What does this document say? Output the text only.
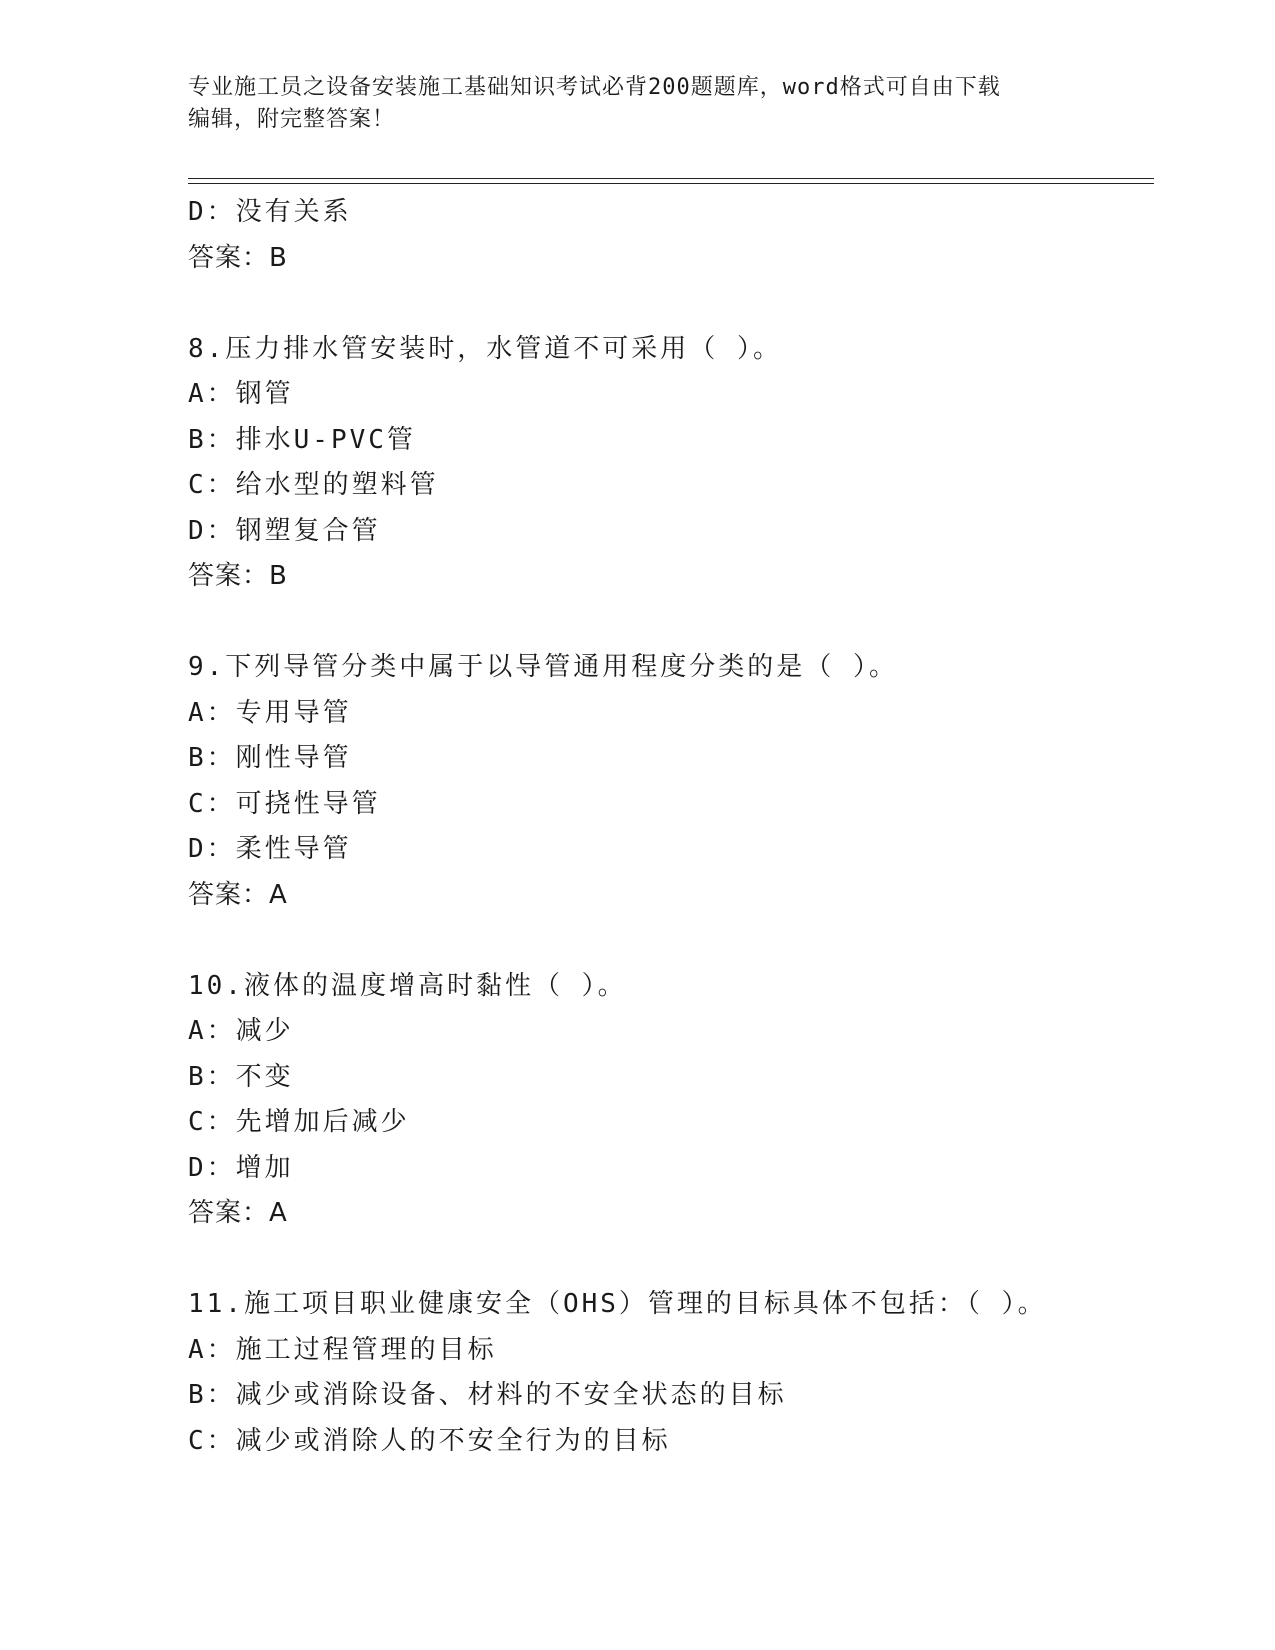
专业施工员之设备安装施工基础知识考试必背200题题库，word格式可自由下载
编辑，附完整答案！
D：没有关系
答案：B
8.压力排水管安装时，水管道不可采用（ ）。
A：钢管
B：排水U-PVC管
C：给水型的塑料管
D：钢塑复合管
答案：B
9.下列导管分类中属于以导管通用程度分类的是（ ）。
A：专用导管
B：刚性导管
C：可挠性导管
D：柔性导管
答案：A
10.液体的温度增高时黏性（ ）。
A：减少
B：不变
C：先增加后减少
D：增加
答案：A
11.施工项目职业健康安全（OHS）管理的目标具体不包括：（ ）。
A：施工过程管理的目标
B：减少或消除设备、材料的不安全状态的目标
C：减少或消除人的不安全行为的目标
